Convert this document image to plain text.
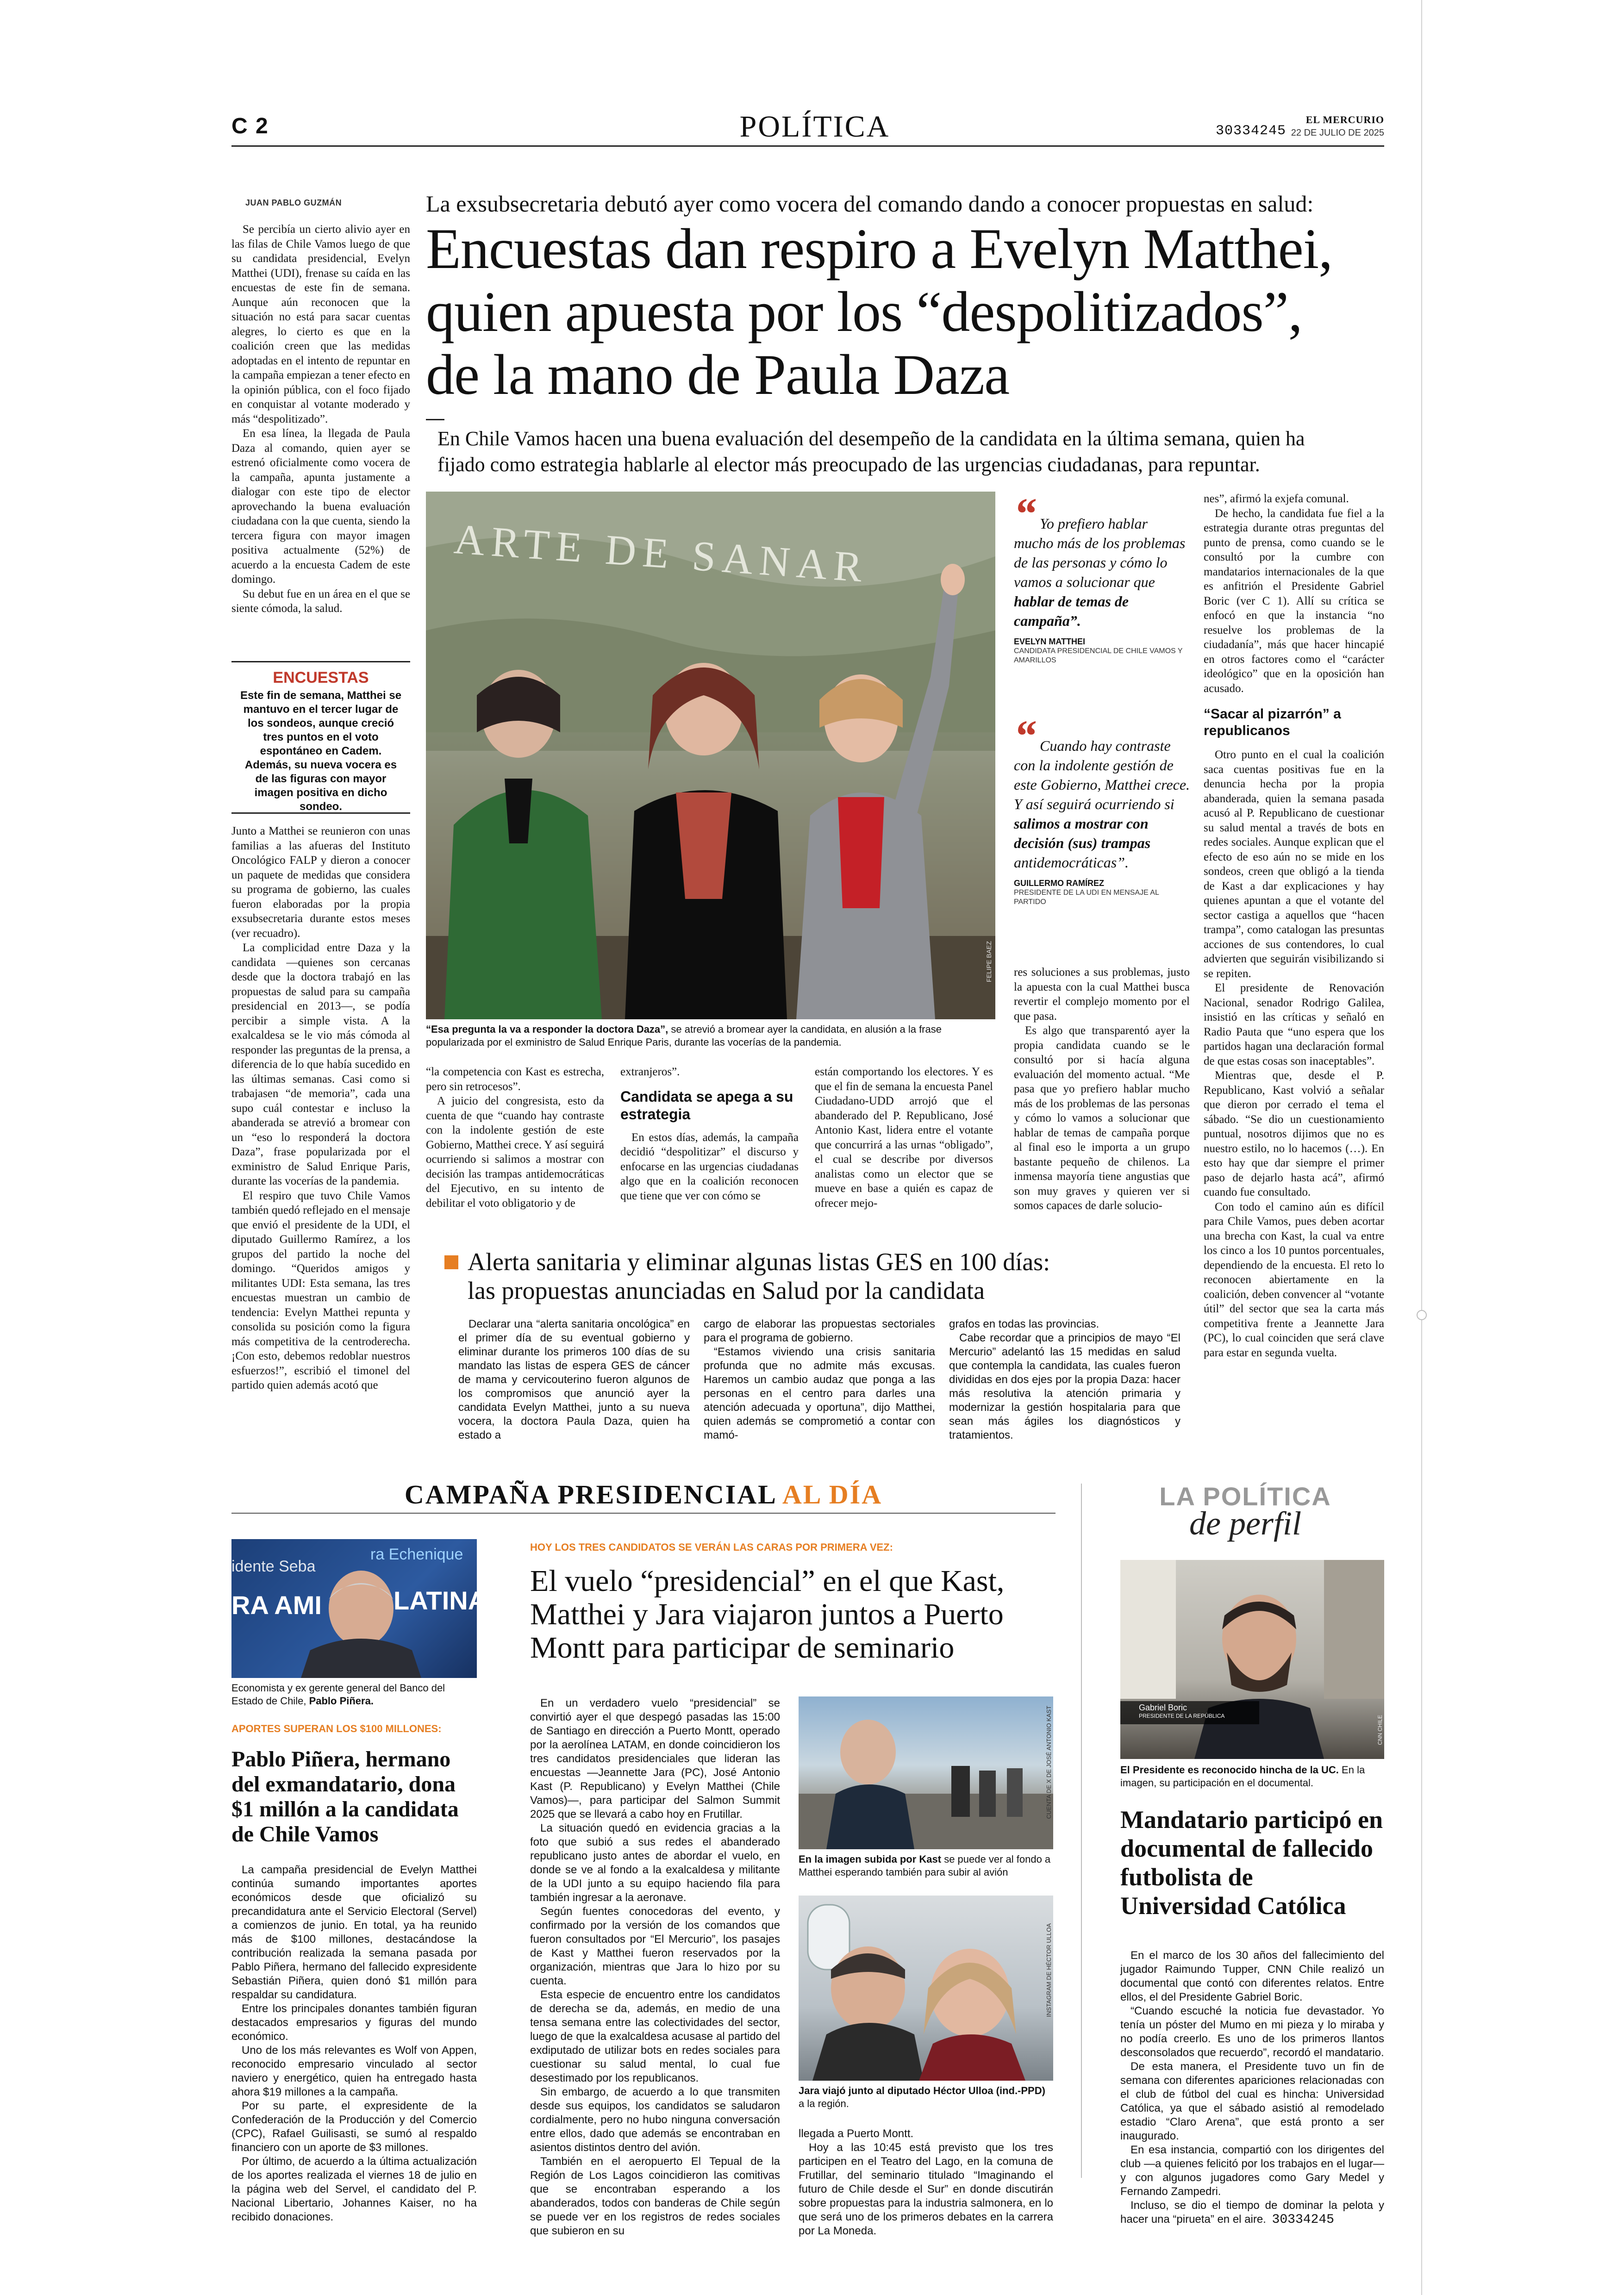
C 2	POLÍTICA	EL MERCURIO
30334245 22 DE JULIO DE 2025
JUAN PABLO GUZMÁN

Se percibía un cierto alivio ayer en las filas de Chile Vamos luego de que su candidata presidencial, Evelyn Matthei (UDI), frenase su caída en las encuestas de este fin de semana. Aunque aún reconocen que la situación no está para sacar cuentas alegres, lo cierto es que en la coalición creen que las medidas adoptadas en el intento de repuntar en la campaña empiezan a tener efecto en la opinión pública, con el foco fijado en conquistar al votante moderado y más “despolitizado”.

En esa línea, la llegada de Paula Daza al comando, quien ayer se estrenó oficialmente como vocera de la campaña, apunta justamente a dialogar con este tipo de elector aprovechando la buena evaluación ciudadana con la que cuenta, siendo la tercera figura con mayor imagen positiva actualmente (52%) de acuerdo a la encuesta Cadem de este domingo.

Su debut fue en un área en el que se siente cómoda, la salud.

ENCUESTAS
Este fin de semana, Matthei se mantuvo en el tercer lugar de los sondeos, aunque creció tres puntos en el voto espontáneo en Cadem. Además, su nueva vocera es de las figuras con mayor imagen positiva en dicho sondeo.

Junto a Matthei se reunieron con unas familias a las afueras del Instituto Oncológico FALP y dieron a conocer un paquete de medidas que considera su programa de gobierno, las cuales fueron elaboradas por la propia exsubsecretaria durante estos meses (ver recuadro).

La complicidad entre Daza y la candidata —quienes son cercanas desde que la doctora trabajó en las propuestas de salud para su campaña presidencial en 2013—, se podía percibir a simple vista. A la exalcaldesa se le vio más cómoda al responder las preguntas de la prensa, a diferencia de lo que había sucedido en las últimas semanas. Casi como si trabajasen “de memoria”, cada una supo cuál contestar e incluso la abanderada se atrevió a bromear con un “eso lo responderá la doctora Daza”, frase popularizada por el exministro de Salud Enrique Paris, durante las vocerías de la pandemia.

El respiro que tuvo Chile Vamos también quedó reflejado en el mensaje que envió el presidente de la UDI, el diputado Guillermo Ramírez, a los grupos del partido la noche del domingo. “Queridos amigos y militantes UDI: Esta semana, las tres encuestas muestran un cambio de tendencia: Evelyn Matthei repunta y consolida su posición como la figura más competitiva de la centroderecha. ¡Con esto, debemos redoblar nuestros esfuerzos!”, escribió el timonel del partido quien además acotó que

La exsubsecretaria debutó ayer como vocera del comando dando a conocer propuestas en salud:
Encuestas dan respiro a Evelyn Matthei,
quien apuesta por los “despolitizados”,
de la mano de Paula Daza
En Chile Vamos hacen una buena evaluación del desempeño de la candidata en la última semana, quien ha
fijado como estrategia hablarle al elector más preocupado de las urgencias ciudadanas, para repuntar.
ARTE DE SANAR
FELIPE BAEZ
“Esa pregunta la va a responder la doctora Daza”, se atrevió a bromear ayer la candidata, en alusión a la frase popularizada por el exministro de Salud Enrique Paris, durante las vocerías de la pandemia.
“ Yo prefiero hablar mucho más de los problemas de las personas y cómo lo vamos a solucionar que hablar de temas de campaña”.
EVELYN MATTHEI
CANDIDATA PRESIDENCIAL DE CHILE VAMOS Y AMARILLOS
“ Cuando hay contraste con la indolente gestión de este Gobierno, Matthei crece. Y así seguirá ocurriendo si salimos a mostrar con decisión (sus) trampas antidemocráticas”.
GUILLERMO RAMÍREZ
PRESIDENTE DE LA UDI EN MENSAJE AL PARTIDO

res soluciones a sus problemas, justo la apuesta con la cual Matthei busca revertir el complejo momento por el que pasa.

Es algo que transparentó ayer la propia candidata cuando se le consultó por si hacía alguna evaluación del momento actual. “Me pasa que yo prefiero hablar mucho más de los problemas de las personas y cómo lo vamos a solucionar que hablar de temas de campaña porque al final eso le importa a un grupo bastante pequeño de chilenos. La inmensa mayoría tiene angustias que son muy graves y quieren ver si somos capaces de darle solucio-

nes”, afirmó la exjefa comunal.

De hecho, la candidata fue fiel a la estrategia durante otras preguntas del punto de prensa, como cuando se le consultó por la cumbre con mandatarios internacionales de la que es anfitrión el Presidente Gabriel Boric (ver C 1). Allí su crítica se enfocó en que la instancia “no resuelve los problemas de la ciudadanía”, más que hacer hincapié en otros factores como el “carácter ideológico” que en la oposición han acusado.

“Sacar al pizarrón” a republicanos

Otro punto en el cual la coalición saca cuentas positivas fue en la denuncia hecha por la propia abanderada, quien la semana pasada acusó al P. Republicano de cuestionar su salud mental a través de bots en redes sociales. Aunque explican que el efecto de eso aún no se mide en los sondeos, creen que obligó a la tienda de Kast a dar explicaciones y hay quienes apuntan a que el votante del sector castiga a aquellos que “hacen trampa”, como catalogan las presuntas acciones de sus contendores, lo cual advierten que seguirán visibilizando si se repiten.

El presidente de Renovación Nacional, senador Rodrigo Galilea, insistió en las críticas y señaló en Radio Pauta que “uno espera que los partidos hagan una declaración formal de que estas cosas son inaceptables”.

Mientras que, desde el P. Republicano, Kast volvió a señalar que dieron por cerrado el tema el sábado. “Se dio un cuestionamiento puntual, nosotros dijimos que no es nuestro estilo, no lo hacemos (…). En esto hay que dar siempre el primer paso de dejarlo hasta acá”, afirmó cuando fue consultado.

Con todo el camino aún es difícil para Chile Vamos, pues deben acortar una brecha con Kast, la cual va entre los cinco a los 10 puntos porcentuales, dependiendo de la encuesta. El reto lo reconocen abiertamente en la coalición, deben convencer al “votante útil” del sector que sea la carta más competitiva frente a Jeannette Jara (PC), lo cual coinciden que será clave para estar en segunda vuelta.

“la competencia con Kast es estrecha, pero sin retrocesos”.

A juicio del congresista, esto da cuenta de que “cuando hay contraste con la indolente gestión de este Gobierno, Matthei crece. Y así seguirá ocurriendo si salimos a mostrar con decisión las trampas antidemocráticas del Ejecutivo, en su intento de debilitar el voto obligatorio y de

extranjeros”.

Candidata se apega a su estrategia

En estos días, además, la campaña decidió “despolitizar” el discurso y enfocarse en las urgencias ciudadanas algo que en la coalición reconocen que tiene que ver con cómo se

están comportando los electores. Y es que el fin de semana la encuesta Panel Ciudadano-UDD arrojó que el abanderado del P. Republicano, José Antonio Kast, lidera entre el votante que concurrirá a las urnas “obligado”, el cual se describe por diversos analistas como un elector que se mueve en base a quién es capaz de ofrecer mejo-

Alerta sanitaria y eliminar algunas listas GES en 100 días:
las propuestas anunciadas en Salud por la candidata

Declarar una “alerta sanitaria oncológica” en el primer día de su eventual gobierno y eliminar durante los primeros 100 días de su mandato las listas de espera GES de cáncer de mama y cervicouterino fueron algunos de los compromisos que anunció ayer la candidata Evelyn Matthei, junto a su nueva vocera, la doctora Paula Daza, quien ha estado a

cargo de elaborar las propuestas sectoriales para el programa de gobierno.

“Estamos viviendo una crisis sanitaria profunda que no admite más excusas. Haremos un cambio audaz que ponga a las personas en el centro para darles una atención adecuada y oportuna”, dijo Matthei, quien además se comprometió a contar con mamó-

grafos en todas las provincias.

Cabe recordar que a principios de mayo “El Mercurio” adelantó las 15 medidas en salud que contempla la candidata, las cuales fueron divididas en dos ejes por la propia Daza: hacer más resolutiva la atención primaria y modernizar la gestión hospitalaria para que sean más ágiles los diagnósticos y tratamientos.

CAMPAÑA PRESIDENCIAL AL DÍA
idente Seba
ra Echenique
RA AMI	LATINA
Economista y ex gerente general del Banco del Estado de Chile, Pablo Piñera.
APORTES SUPERAN LOS $100 MILLONES:
Pablo Piñera, hermano del exmandatario, dona $1 millón a la candidata de Chile Vamos

La campaña presidencial de Evelyn Matthei continúa sumando importantes aportes económicos desde que oficializó su precandidatura ante el Servicio Electoral (Servel) a comienzos de junio. En total, ya ha reunido más de $100 millones, destacándose la contribución realizada la semana pasada por Pablo Piñera, hermano del fallecido expresidente Sebastián Piñera, quien donó $1 millón para respaldar su candidatura.

Entre los principales donantes también figuran destacados empresarios y figuras del mundo económico.

Uno de los más relevantes es Wolf von Appen, reconocido empresario vinculado al sector naviero y energético, quien ha entregado hasta ahora $19 millones a la campaña.

Por su parte, el expresidente de la Confederación de la Producción y del Comercio (CPC), Rafael Guilisasti, se sumó al respaldo financiero con un aporte de $3 millones.

Por último, de acuerdo a la última actualización de los aportes realizada el viernes 18 de julio en la página web del Servel, el candidato del P. Nacional Libertario, Johannes Kaiser, no ha recibido donaciones.

HOY LOS TRES CANDIDATOS SE VERÁN LAS CARAS POR PRIMERA VEZ:
El vuelo “presidencial” en el que Kast, Matthei y Jara viajaron juntos a Puerto Montt para participar de seminario

En un verdadero vuelo “presidencial” se convirtió ayer el que despegó pasadas las 15:00 de Santiago en dirección a Puerto Montt, operado por la aerolínea LATAM, en donde coincidieron los tres candidatos presidenciales que lideran las encuestas —Jeannette Jara (PC), José Antonio Kast (P. Republicano) y Evelyn Matthei (Chile Vamos)—, para participar del Salmon Summit 2025 que se llevará a cabo hoy en Frutillar.

La situación quedó en evidencia gracias a la foto que subió a sus redes el abanderado republicano justo antes de abordar el vuelo, en donde se ve al fondo a la exalcaldesa y militante de la UDI junto a su equipo haciendo fila para también ingresar a la aeronave.

Según fuentes conocedoras del evento, y confirmado por la versión de los comandos que fueron consultados por “El Mercurio”, los pasajes de Kast y Matthei fueron reservados por la organización, mientras que Jara lo hizo por su cuenta.

Esta especie de encuentro entre los candidatos de derecha se da, además, en medio de una tensa semana entre las colectividades del sector, luego de que la exalcaldesa acusase al partido del exdiputado de utilizar bots en redes sociales para cuestionar su salud mental, lo cual fue desestimado por los republicanos.

Sin embargo, de acuerdo a lo que transmiten desde sus equipos, los candidatos se saludaron cordialmente, pero no hubo ninguna conversación entre ellos, dado que además se encontraban en asientos distintos dentro del avión.

También en el aeropuerto El Tepual de la Región de Los Lagos coincidieron las comitivas que se encontraban esperando a los abanderados, todos con banderas de Chile según se puede ver en los registros de redes sociales que subieron en su

CUENTA DE X DE JOSÉ ANTONIO KAST
En la imagen subida por Kast se puede ver al fondo a Matthei esperando también para subir al avión
INSTAGRAM DE HÉCTOR ULLOA
Jara viajó junto al diputado Héctor Ulloa (ind.-PPD) a la región.

llegada a Puerto Montt.

Hoy a las 10:45 está previsto que los tres participen en el Teatro del Lago, en la comuna de Frutillar, del seminario titulado “Imaginando el futuro de Chile desde el Sur” en donde discutirán sobre propuestas para la industria salmonera, en lo que será uno de los primeros debates en la carrera por La Moneda.

LA POLÍTICA
de perfil
Gabriel Boric
PRESIDENTE DE LA REPÚBLICA	CNN CHILE
El Presidente es reconocido hincha de la UC. En la imagen, su participación en el documental.
Mandatario participó en documental de fallecido futbolista de Universidad Católica

En el marco de los 30 años del fallecimiento del jugador Raimundo Tupper, CNN Chile realizó un documental que contó con diferentes relatos. Entre ellos, el del Presidente Gabriel Boric.

“Cuando escuché la noticia fue devastador. Yo tenía un póster del Mumo en mi pieza y lo miraba y no podía creerlo. Es uno de los primeros llantos desconsolados que recuerdo”, recordó el mandatario.

De esta manera, el Presidente tuvo un fin de semana con diferentes apariciones relacionadas con el club de fútbol del cual es hincha: Universidad Católica, ya que el sábado asistió al remodelado estadio “Claro Arena”, que está pronto a ser inaugurado.

En esa instancia, compartió con los dirigentes del club —a quienes felicitó por los trabajos en el lugar— y con algunos jugadores como Gary Medel y Fernando Zampedri.

Incluso, se dio el tiempo de dominar la pelota y hacer una “pirueta” en el aire. 30334245
